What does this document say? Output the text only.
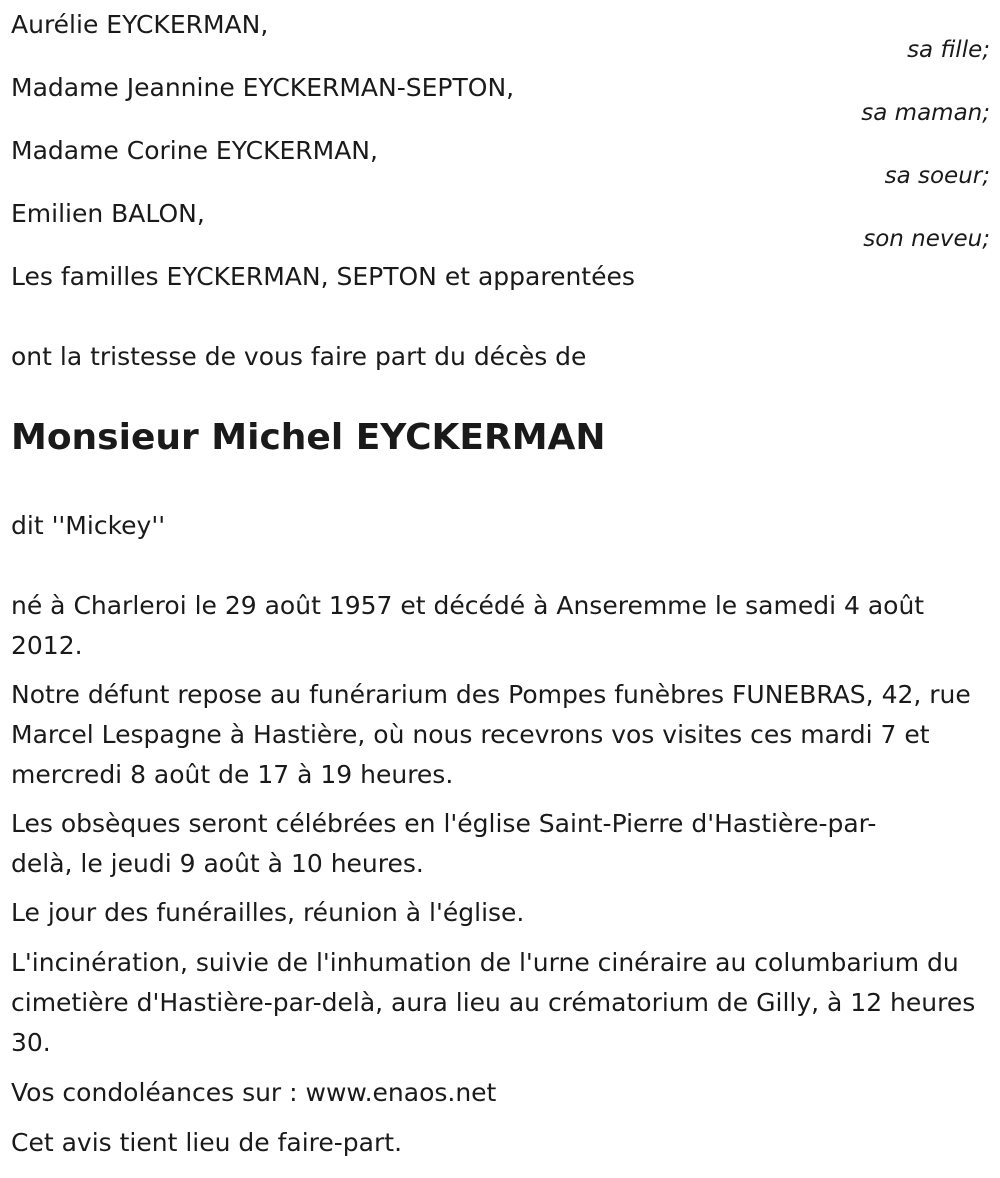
Aurélie EYCKERMAN,
sa fille;
Madame Jeannine EYCKERMAN-SEPTON,
sa maman;
Madame Corine EYCKERMAN,
sa soeur;
Emilien BALON,
son neveu;
Les familles EYCKERMAN, SEPTON et apparentées
ont la tristesse de vous faire part du décès de
Monsieur Michel EYCKERMAN
dit ''Mickey''
né à Charleroi le 29 août 1957 et décédé à Anseremme le samedi 4 août 2012.
Notre défunt repose au funérarium des Pompes funèbres FUNEBRAS, 42, rue Marcel Lespagne à Hastière, où nous recevrons vos visites ces mardi 7 et mercredi 8 août de 17 à 19 heures.
Les obsèques seront célébrées en l'église Saint-Pierre d'Hastière-par-delà, le jeudi 9 août à 10 heures.
Le jour des funérailles, réunion à l'église.
L'incinération, suivie de l'inhumation de l'urne cinéraire au columbarium du cimetière d'Hastière-par-delà, aura lieu au crématorium de Gilly, à 12 heures 30.
Vos condoléances sur : www.enaos.net
Cet avis tient lieu de faire-part.
